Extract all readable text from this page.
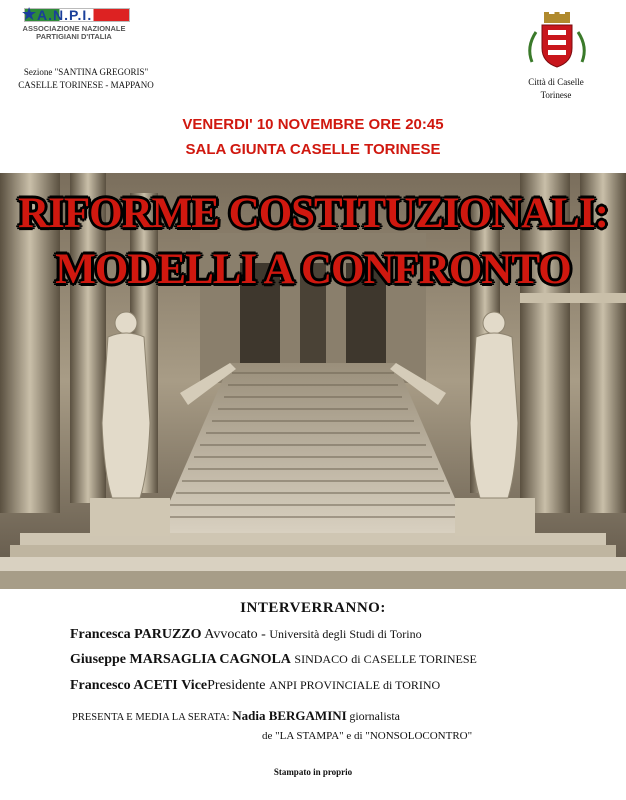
★ A.N.P.I.
ASSOCIAZIONE NAZIONALE
PARTIGIANI D'ITALIA
Sezione "SANTINA GREGORIS"
CASELLE TORINESE - MAPPANO	Città di Caselle
Torinese
VENERDI' 10 NOVEMBRE ORE 20:45
SALA GIUNTA CASELLE TORINESE
RIFORME COSTITUZIONALI:
MODELLI A CONFRONTO
INTERVERRANNO:
Francesca PARUZZO Avvocato - Università degli Studi di Torino
Giuseppe MARSAGLIA CAGNOLA SINDACO di CASELLE TORINESE
Francesco ACETI VicePresidente ANPI PROVINCIALE di TORINO
PRESENTA E MEDIA LA SERATA: Nadia BERGAMINI giornalista
de "LA STAMPA" e di "NONSOLOCONTRO"
Stampato in proprio
